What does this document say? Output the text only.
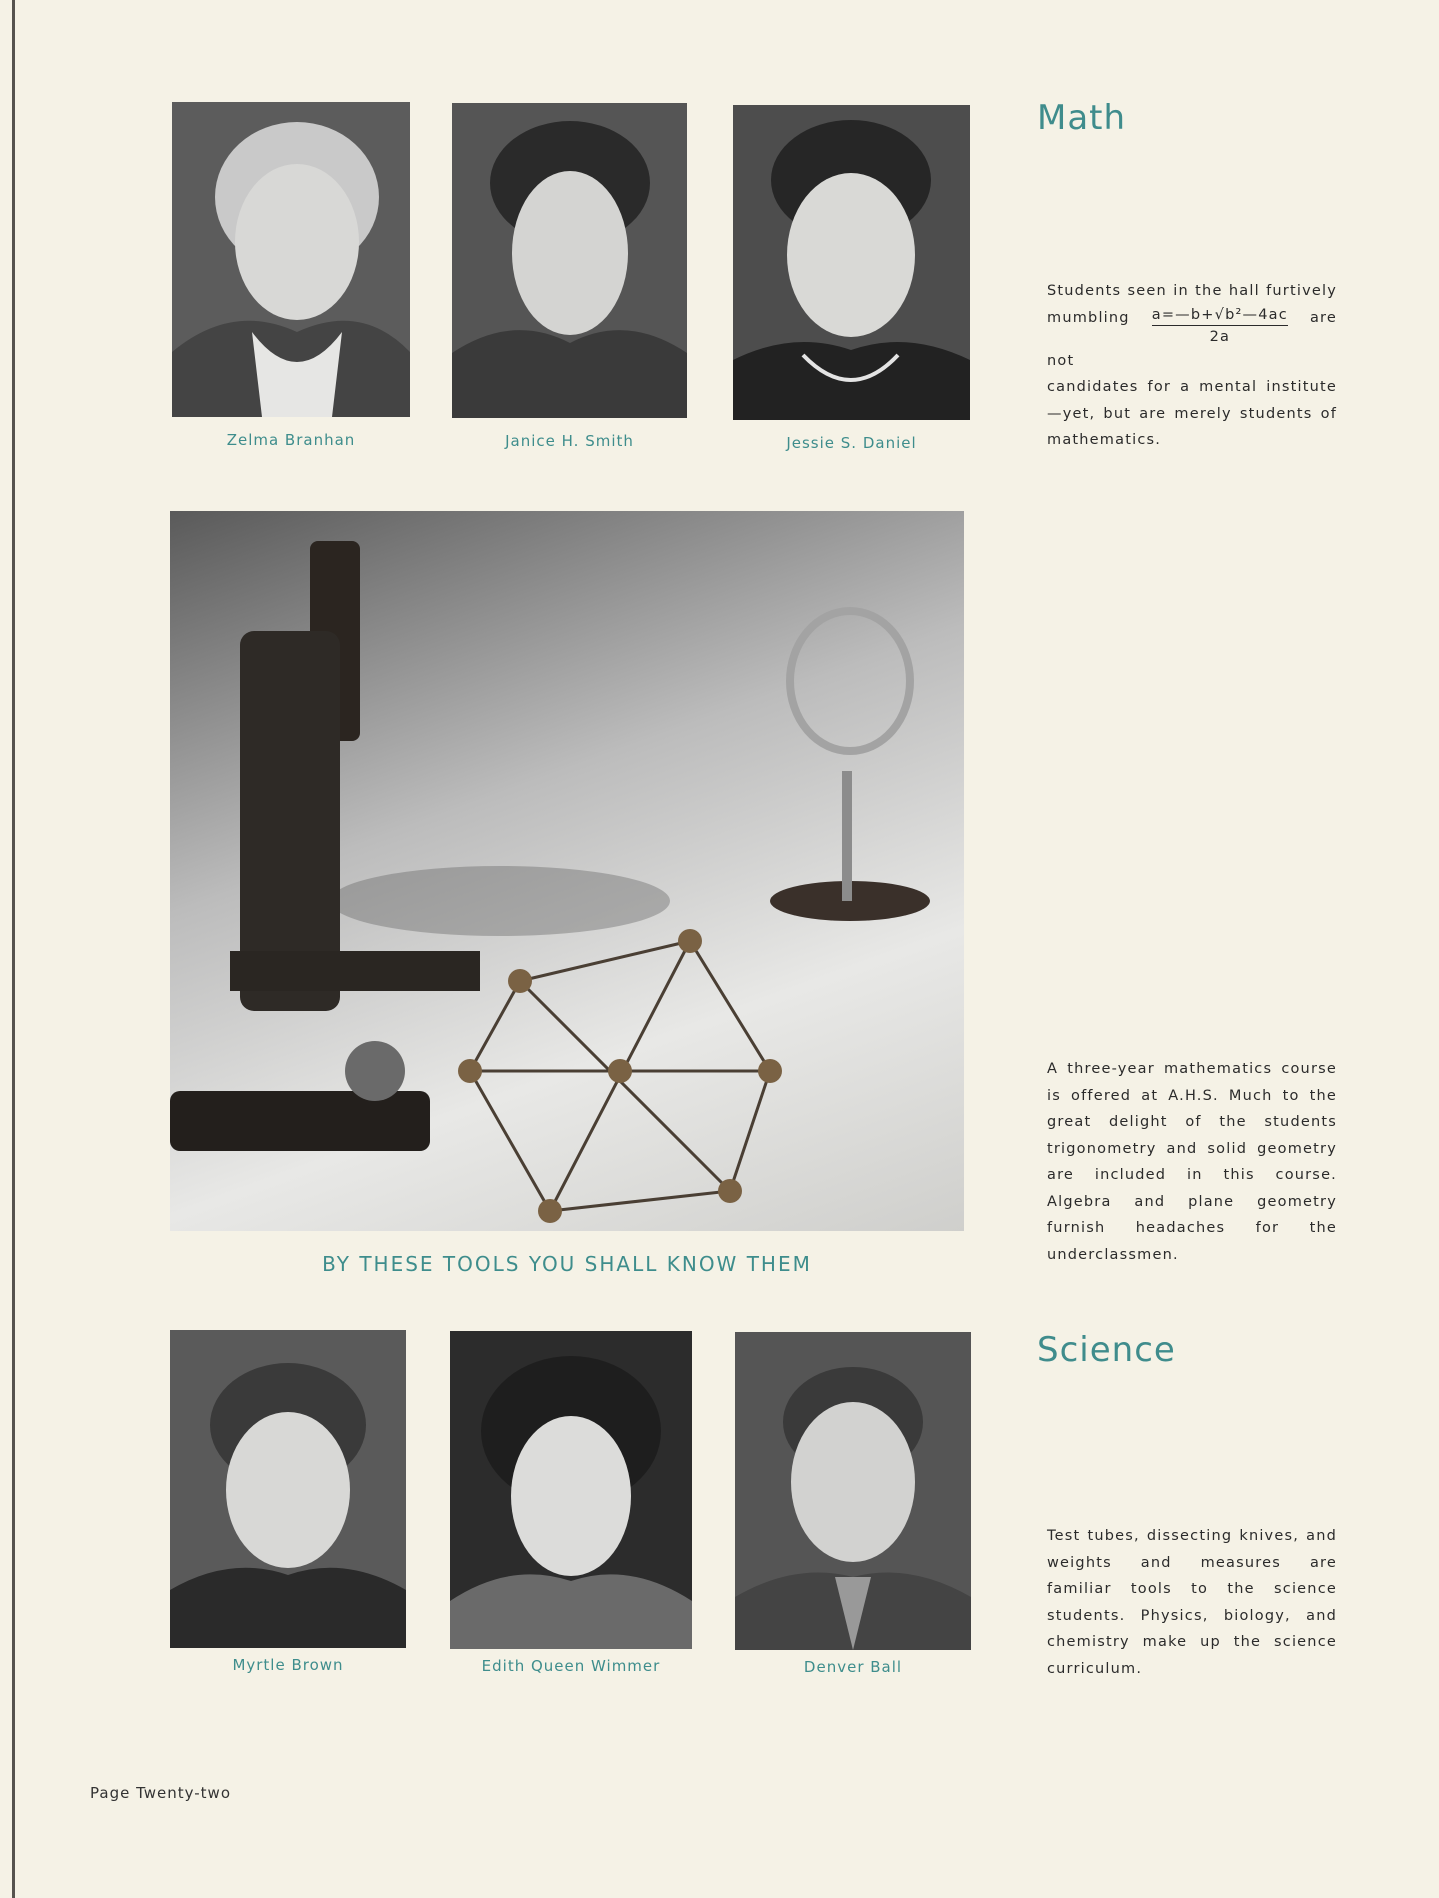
Zelma Branhan	Janice H. Smith	Jessie S. Daniel
Math

Students seen in the hall furtively mumbling $\frac{\text{a=—b+√b²—4ac}}{2a}$ are not
candidates for a mental institute—yet, but are merely students of mathematics.

A three-year mathematics course is offered at A.H.S. Much to the great delight of the students trigonometry and solid geometry are included in this course. Algebra and plane geometry furnish headaches for the underclassmen.

BY THESE TOOLS YOU SHALL KNOW THEM
Myrtle Brown	Edith Queen Wimmer	Denver Ball
Science

Test tubes, dissecting knives, and weights and measures are familiar tools to the science students. Physics, biology, and chemistry make up the science curriculum.

Page Twenty-two
